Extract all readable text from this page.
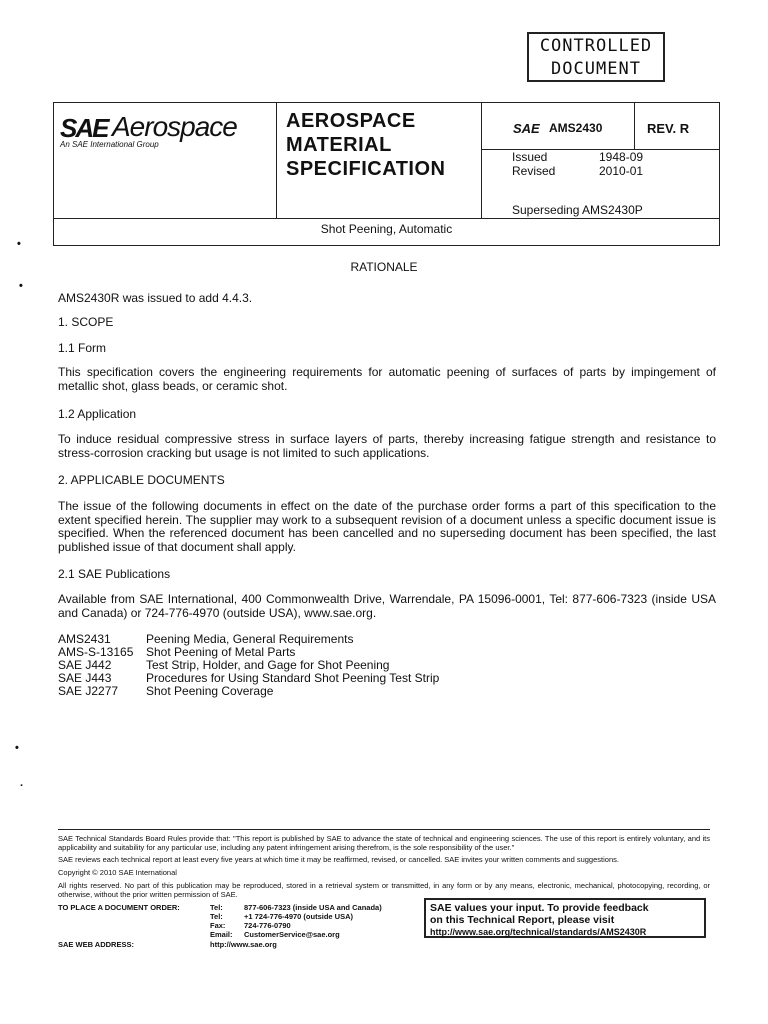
CONTROLLED
DOCUMENT
SAE Aerospace
An SAE International Group
AEROSPACE
MATERIAL
SPECIFICATION
SAE AMS2430	REV. R
Issued	1948-09
Revised	2010-01
Superseding AMS2430P
Shot Peening, Automatic
•
•
•
·
RATIONALE
AMS2430R was issued to add 4.4.3.
1. SCOPE
1.1 Form
This specification covers the engineering requirements for automatic peening of surfaces of parts by impingement of metallic shot, glass beads, or ceramic shot.
1.2 Application
To induce residual compressive stress in surface layers of parts, thereby increasing fatigue strength and resistance to stress-corrosion cracking but usage is not limited to such applications.
2. APPLICABLE DOCUMENTS
The issue of the following documents in effect on the date of the purchase order forms a part of this specification to the extent specified herein. The supplier may work to a subsequent revision of a document unless a specific document issue is specified. When the referenced document has been cancelled and no superseding document has been specified, the last published issue of that document shall apply.
2.1 SAE Publications
Available from SAE International, 400 Commonwealth Drive, Warrendale, PA 15096-0001, Tel: 877-606-7323 (inside USA and Canada) or 724-776-4970 (outside USA), www.sae.org.
AMS2431	Peening Media, General Requirements
AMS-S-13165	Shot Peening of Metal Parts
SAE J442	Test Strip, Holder, and Gage for Shot Peening
SAE J443	Procedures for Using Standard Shot Peening Test Strip
SAE J2277	Shot Peening Coverage
SAE Technical Standards Board Rules provide that: "This report is published by SAE to advance the state of technical and engineering sciences. The use of this report is entirely voluntary, and its applicability and suitability for any particular use, including any patent infringement arising therefrom, is the sole responsibility of the user."
SAE reviews each technical report at least every five years at which time it may be reaffirmed, revised, or cancelled. SAE invites your written comments and suggestions.
Copyright © 2010 SAE International
All rights reserved. No part of this publication may be reproduced, stored in a retrieval system or transmitted, in any form or by any means, electronic, mechanical, photocopying, recording, or otherwise, without the prior written permission of SAE.
TO PLACE A DOCUMENT ORDER:	Tel:	877-606-7323 (inside USA and Canada)
Tel:	+1 724-776-4970 (outside USA)
Fax: 724-776-0790
Email: CustomerService@sae.org
SAE WEB ADDRESS:	http://www.sae.org
SAE values your input. To provide feedback
on this Technical Report, please visit
http://www.sae.org/technical/standards/AMS2430R
